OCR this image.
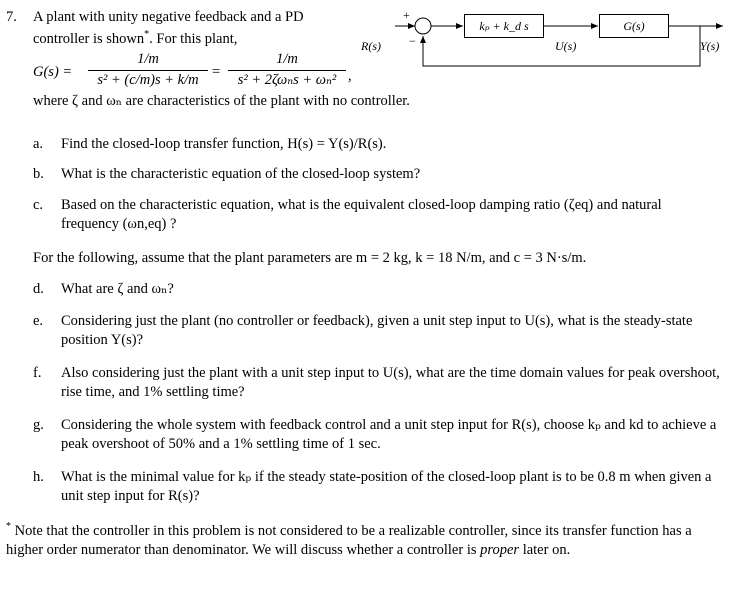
7. A plant with unity negative feedback and a PD
controller is shown*. For this plant,
G(s) =
1/m
s² + (c/m)s + k/m =
1/m
s² + 2ζωₙs + ωₙ² ,
where ζ and ωₙ are characteristics of the plant with no controller.
kₚ + k_d s	G(s)
+
−
R(s)	U(s)	Y(s)
a. Find the closed-loop transfer function, H(s) = Y(s)/R(s).
b. What is the characteristic equation of the closed-loop system?
c. Based on the characteristic equation, what is the equivalent closed-loop damping ratio (ζeq) and natural frequency (ωn,eq) ?
For the following, assume that the plant parameters are m = 2 kg, k = 18 N/m, and c = 3 N·s/m.
d. What are ζ and ωₙ?
e. Considering just the plant (no controller or feedback), given a unit step input to U(s), what is the steady-state position Y(s)?
f. Also considering just the plant with a unit step input to U(s), what are the time domain values for peak overshoot, rise time, and 1% settling time?
g. Considering the whole system with feedback control and a unit step input for R(s), choose kₚ and kd to achieve a peak overshoot of 50% and a 1% settling time of 1 sec.
h. What is the minimal value for kₚ if the steady state-position of the closed-loop plant is to be 0.8 m when given a unit step input for R(s)?
* Note that the controller in this problem is not considered to be a realizable controller, since its transfer function has a higher order numerator than denominator. We will discuss whether a controller is proper later on.
